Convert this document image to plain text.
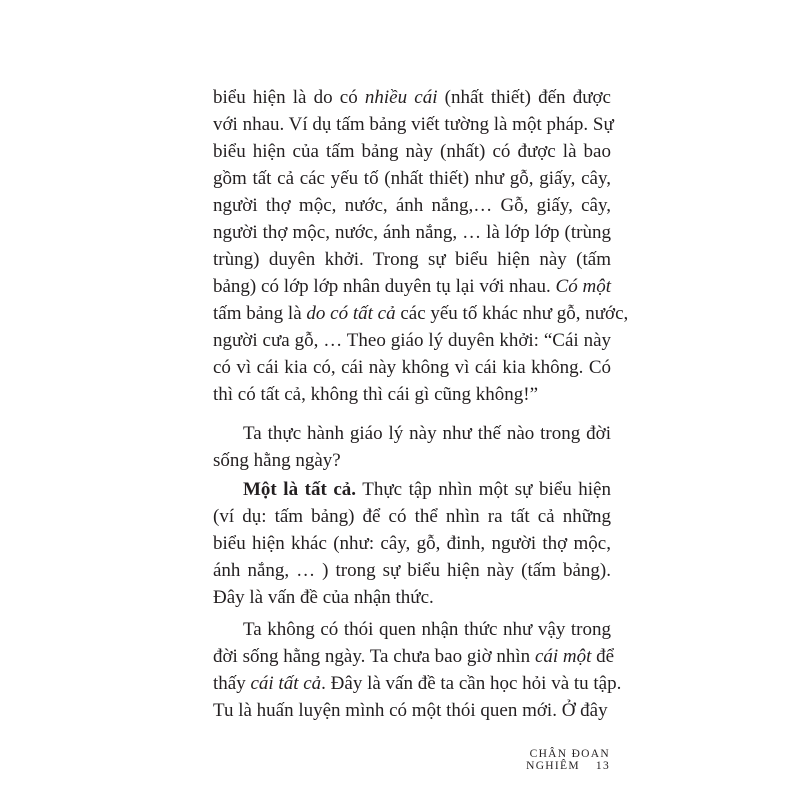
biểu hiện là do có nhiều cái (nhất thiết) đến được
với nhau. Ví dụ tấm bảng viết tường là một pháp. Sự
biểu hiện của tấm bảng này (nhất) có được là bao
gồm tất cả các yếu tố (nhất thiết) như gỗ, giấy, cây,
người thợ mộc, nước, ánh nắng,… Gỗ, giấy, cây,
người thợ mộc, nước, ánh nắng, … là lớp lớp (trùng
trùng) duyên khởi. Trong sự biểu hiện này (tấm
bảng) có lớp lớp nhân duyên tụ lại với nhau. Có một
tấm bảng là do có tất cả các yếu tố khác như gỗ, nước,
người cưa gỗ, … Theo giáo lý duyên khởi: “Cái này
có vì cái kia có, cái này không vì cái kia không. Có
thì có tất cả, không thì cái gì cũng không!”
Ta thực hành giáo lý này như thế nào trong đời
sống hằng ngày?
Một là tất cả. Thực tập nhìn một sự biểu hiện
(ví dụ: tấm bảng) để có thể nhìn ra tất cả những
biểu hiện khác (như: cây, gỗ, đinh, người thợ mộc,
ánh nắng, … ) trong sự biểu hiện này (tấm bảng).
Đây là vấn đề của nhận thức.
Ta không có thói quen nhận thức như vậy trong
đời sống hằng ngày. Ta chưa bao giờ nhìn cái một để
thấy cái tất cả. Đây là vấn đề ta cần học hỏi và tu tập.
Tu là huấn luyện mình có một thói quen mới. Ở đây
CHÂN ĐOAN NGHIÊM 13
